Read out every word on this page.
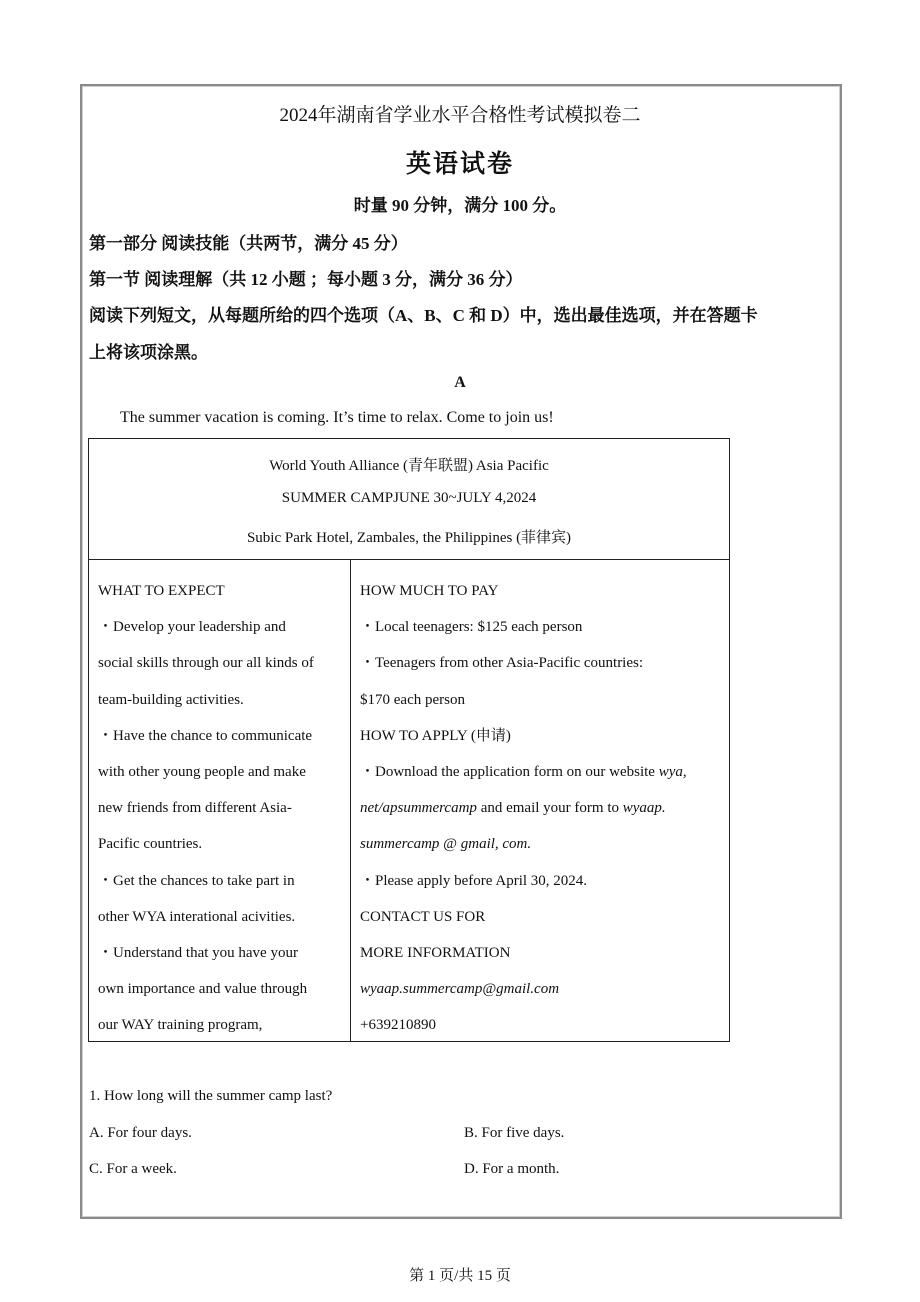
2024年湖南省学业水平合格性考试模拟卷二
英语试卷
时量 90 分钟，满分 100 分。
第一部分 阅读技能（共两节，满分 45 分）
第一节 阅读理解（共 12 小题 ；每小题 3 分，满分 36 分）
阅读下列短文，从每题所给的四个选项（A、B、C 和 D）中，选出最佳选项，并在答题卡
上将该项涂黑。
A
The summer vacation is coming. It’s time to relax. Come to join us!
World Youth Alliance (青年联盟) Asia Pacific
SUMMER CAMPJUNE 30~JULY 4,2024
Subic Park Hotel, Zambales, the Philippines (菲律宾)
WHAT TO EXPECT
・Develop your leadership and
social skills through our all kinds of
team-building activities.
・Have the chance to communicate
with other young people and make
new friends from different Asia-
Pacific countries.
・Get the chances to take part in
other WYA interational acivities.
・Understand that you have your
own importance and value through
our WAY training program,
HOW MUCH TO PAY
・Local teenagers: $125 each person
・Teenagers from other Asia-Pacific countries:
$170 each person
HOW TO APPLY (申请)
・Download the application form on our website wya,
net/apsummercamp and email your form to wyaap.
summercamp @ gmail, com.
・Please apply before April 30, 2024.
CONTACT US FOR
MORE INFORMATION
wyaap.summercamp@gmail.com
+639210890
1. How long will the summer camp last?
A. For four days.	B. For five days.
C. For a week.	D. For a month.
第 1 页/共 15 页
